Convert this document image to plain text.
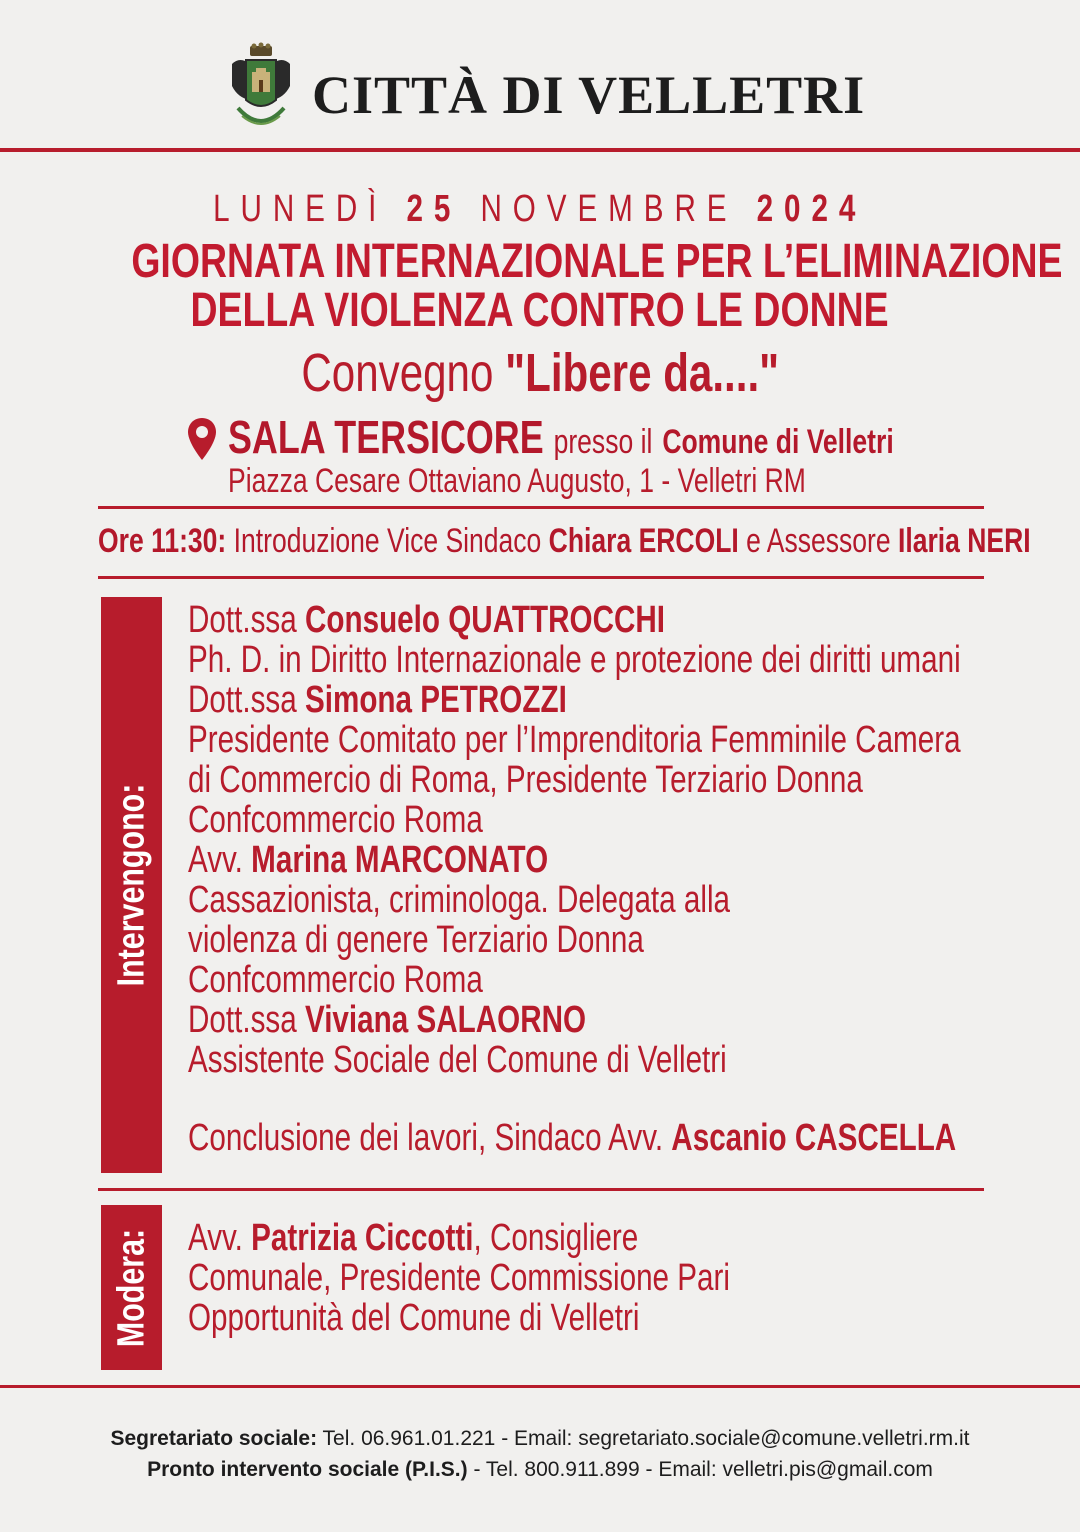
CITTÀ DI VELLETRI
LUNEDÌ 25 NOVEMBRE 2024
GIORNATA INTERNAZIONALE PER L’ELIMINAZIONE
DELLA VIOLENZA CONTRO LE DONNE
Convegno "Libere da...."
SALA TERSICORE presso il Comune di Velletri
Piazza Cesare Ottaviano Augusto, 1 - Velletri RM
Ore 11:30: Introduzione Vice Sindaco Chiara ERCOLI e Assessore Ilaria NERI
Intervengono:
Dott.ssa Consuelo QUATTROCCHI
Ph. D. in Diritto Internazionale e protezione dei diritti umani
Dott.ssa Simona PETROZZI
Presidente Comitato per l’Imprenditoria Femminile Camera
di Commercio di Roma, Presidente Terziario Donna
Confcommercio Roma
Avv. Marina MARCONATO
Cassazionista, criminologa. Delegata alla
violenza di genere Terziario Donna
Confcommercio Roma
Dott.ssa Viviana SALAORNO
Assistente Sociale del Comune di Velletri
Conclusione dei lavori, Sindaco Avv. Ascanio CASCELLA
Modera: Avv. Patrizia Ciccotti, Consigliere
Comunale, Presidente Commissione Pari
Opportunità del Comune di Velletri
Segretariato sociale: Tel. 06.961.01.221 - Email: segretariato.sociale@comune.velletri.rm.it
Pronto intervento sociale (P.I.S.) - Tel. 800.911.899 - Email: velletri.pis@gmail.com
